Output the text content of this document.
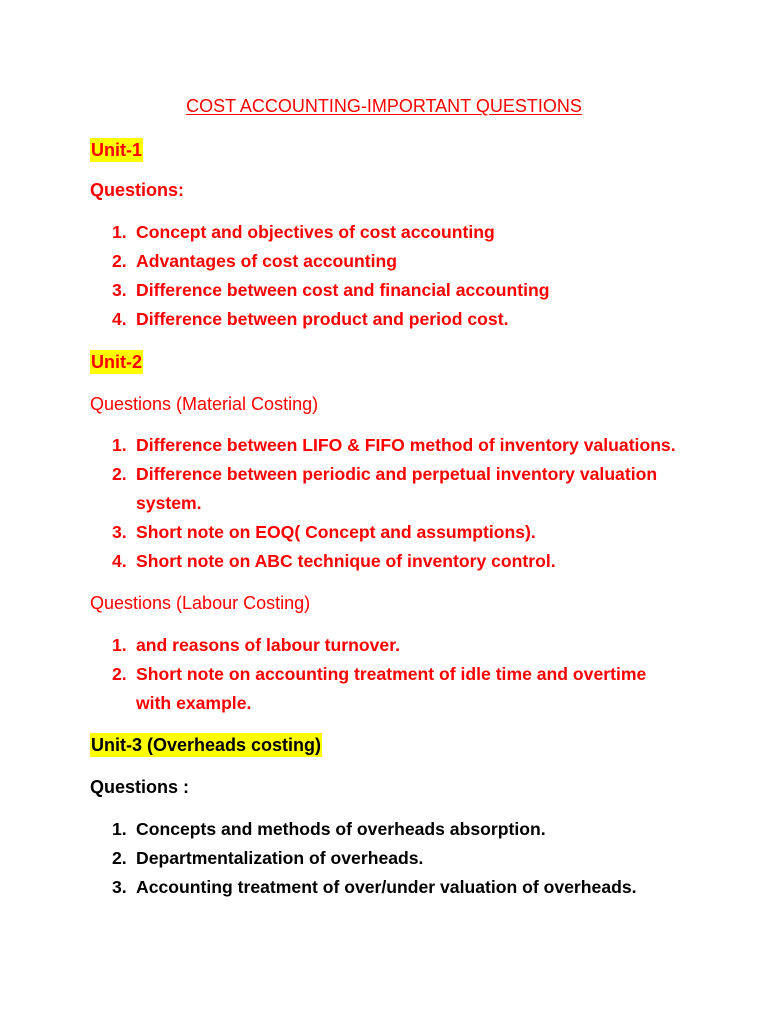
COST ACCOUNTING-IMPORTANT QUESTIONS
Unit-1
Questions:
1. Concept and objectives of cost accounting
2. Advantages of cost accounting
3. Difference between cost and financial accounting
4. Difference between product and period cost.
Unit-2
Questions (Material Costing)
1. Difference between LIFO & FIFO method of inventory valuations.
2. Difference between periodic and perpetual inventory valuation
system.
3. Short note on EOQ( Concept and assumptions).
4. Short note on ABC technique of inventory control.
Questions (Labour Costing)
1. and reasons of labour turnover.
2. Short note on accounting treatment of idle time and overtime
with example.
Unit-3 (Overheads costing)
Questions :
1. Concepts and methods of overheads absorption.
2. Departmentalization of overheads.
3. Accounting treatment of over/under valuation of overheads.
